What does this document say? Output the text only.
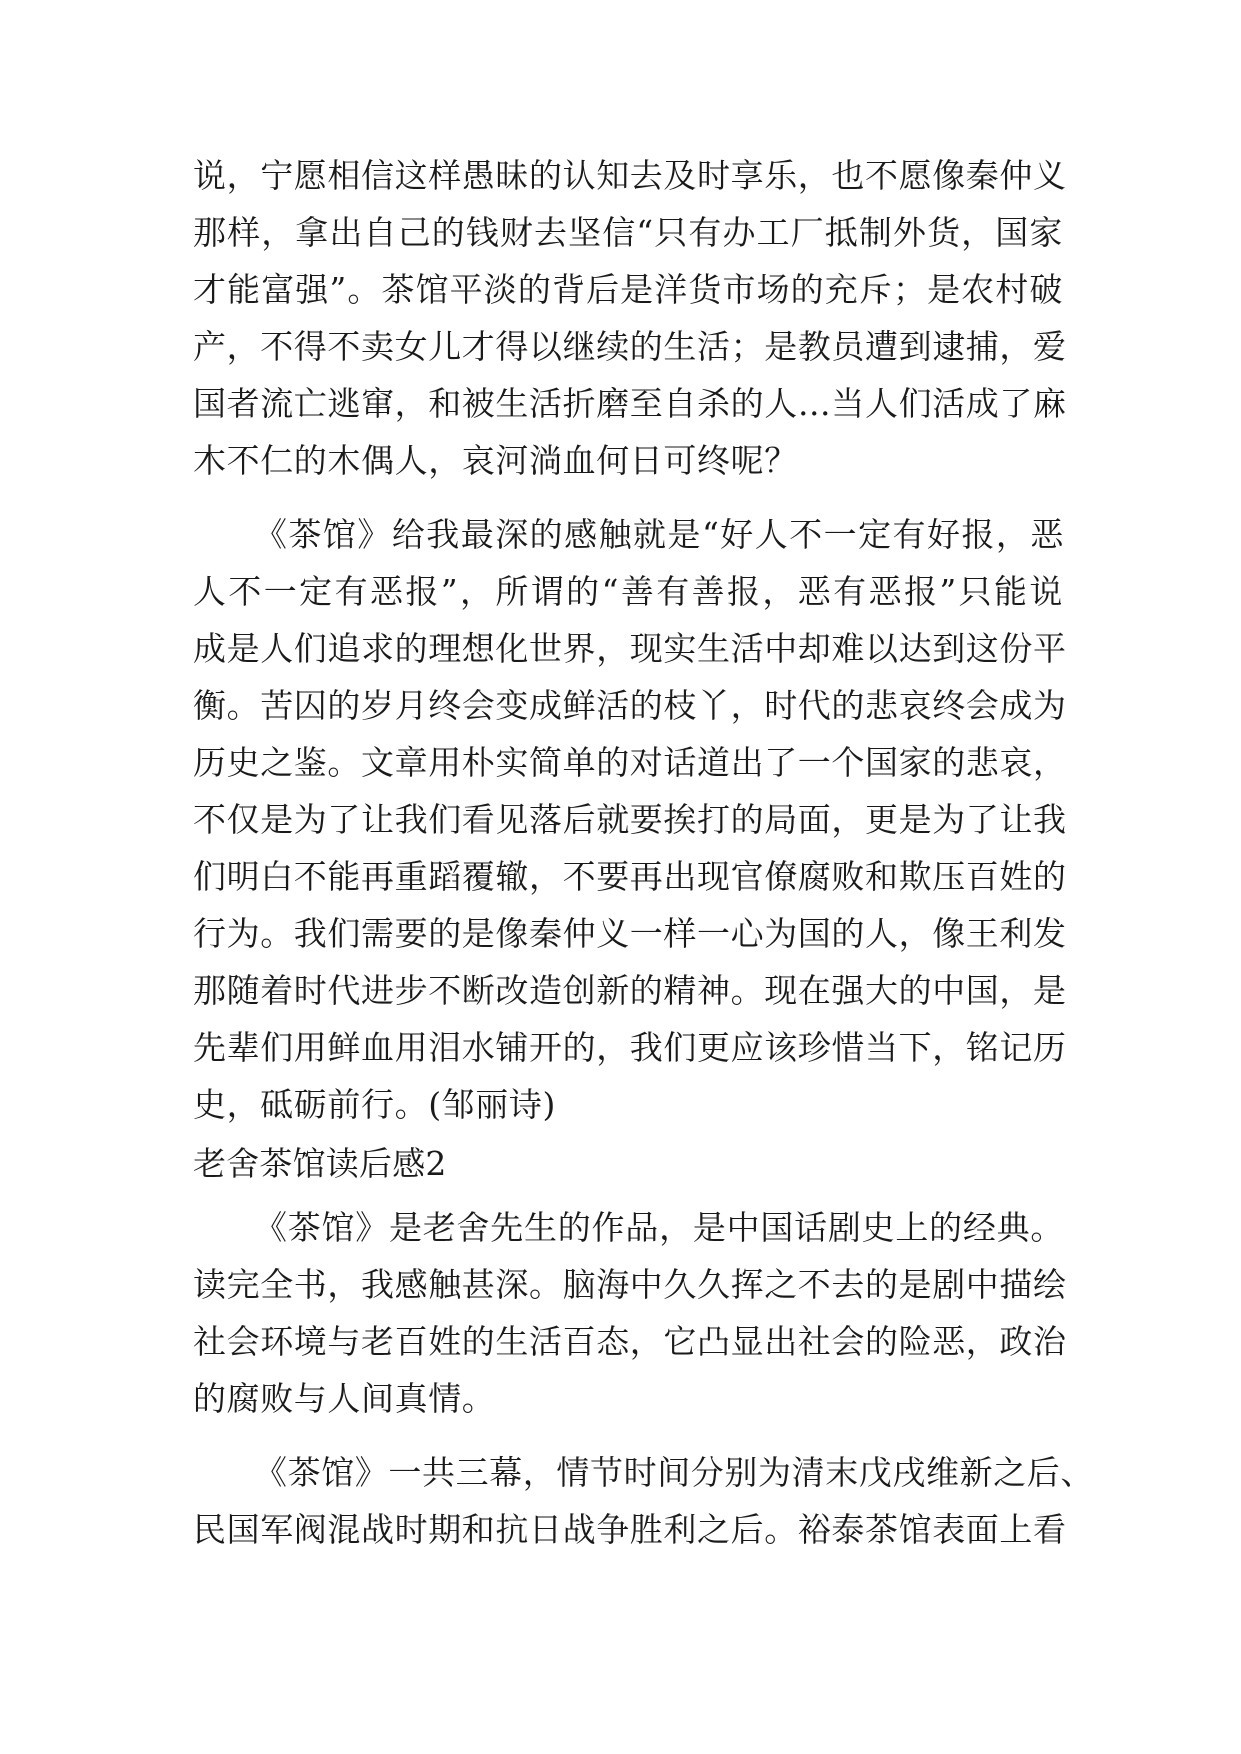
说，宁愿相信这样愚昧的认知去及时享乐，也不愿像秦仲义
那样，拿出自己的钱财去坚信“只有办工厂抵制外货，国家
才能富强”。茶馆平淡的背后是洋货市场的充斥；是农村破
产，不得不卖女儿才得以继续的生活；是教员遭到逮捕，爱
国者流亡逃窜，和被生活折磨至自杀的人…当人们活成了麻
木不仁的木偶人，哀河淌血何日可终呢？
《茶馆》给我最深的感触就是“好人不一定有好报，恶
人不一定有恶报”，所谓的“善有善报，恶有恶报”只能说
成是人们追求的理想化世界，现实生活中却难以达到这份平
衡。苦囚的岁月终会变成鲜活的枝丫，时代的悲哀终会成为
历史之鉴。文章用朴实简单的对话道出了一个国家的悲哀，
不仅是为了让我们看见落后就要挨打的局面，更是为了让我
们明白不能再重蹈覆辙，不要再出现官僚腐败和欺压百姓的
行为。我们需要的是像秦仲义一样一心为国的人，像王利发
那随着时代进步不断改造创新的精神。现在强大的中国，是
先辈们用鲜血用泪水铺开的，我们更应该珍惜当下，铭记历
史，砥砺前行。(邹丽诗)
老舍茶馆读后感2
《茶馆》是老舍先生的作品，是中国话剧史上的经典。
读完全书，我感触甚深。脑海中久久挥之不去的是剧中描绘
社会环境与老百姓的生活百态，它凸显出社会的险恶，政治
的腐败与人间真情。
《茶馆》一共三幕，情节时间分别为清末戊戌维新之后、
民国军阀混战时期和抗日战争胜利之后。裕泰茶馆表面上看
